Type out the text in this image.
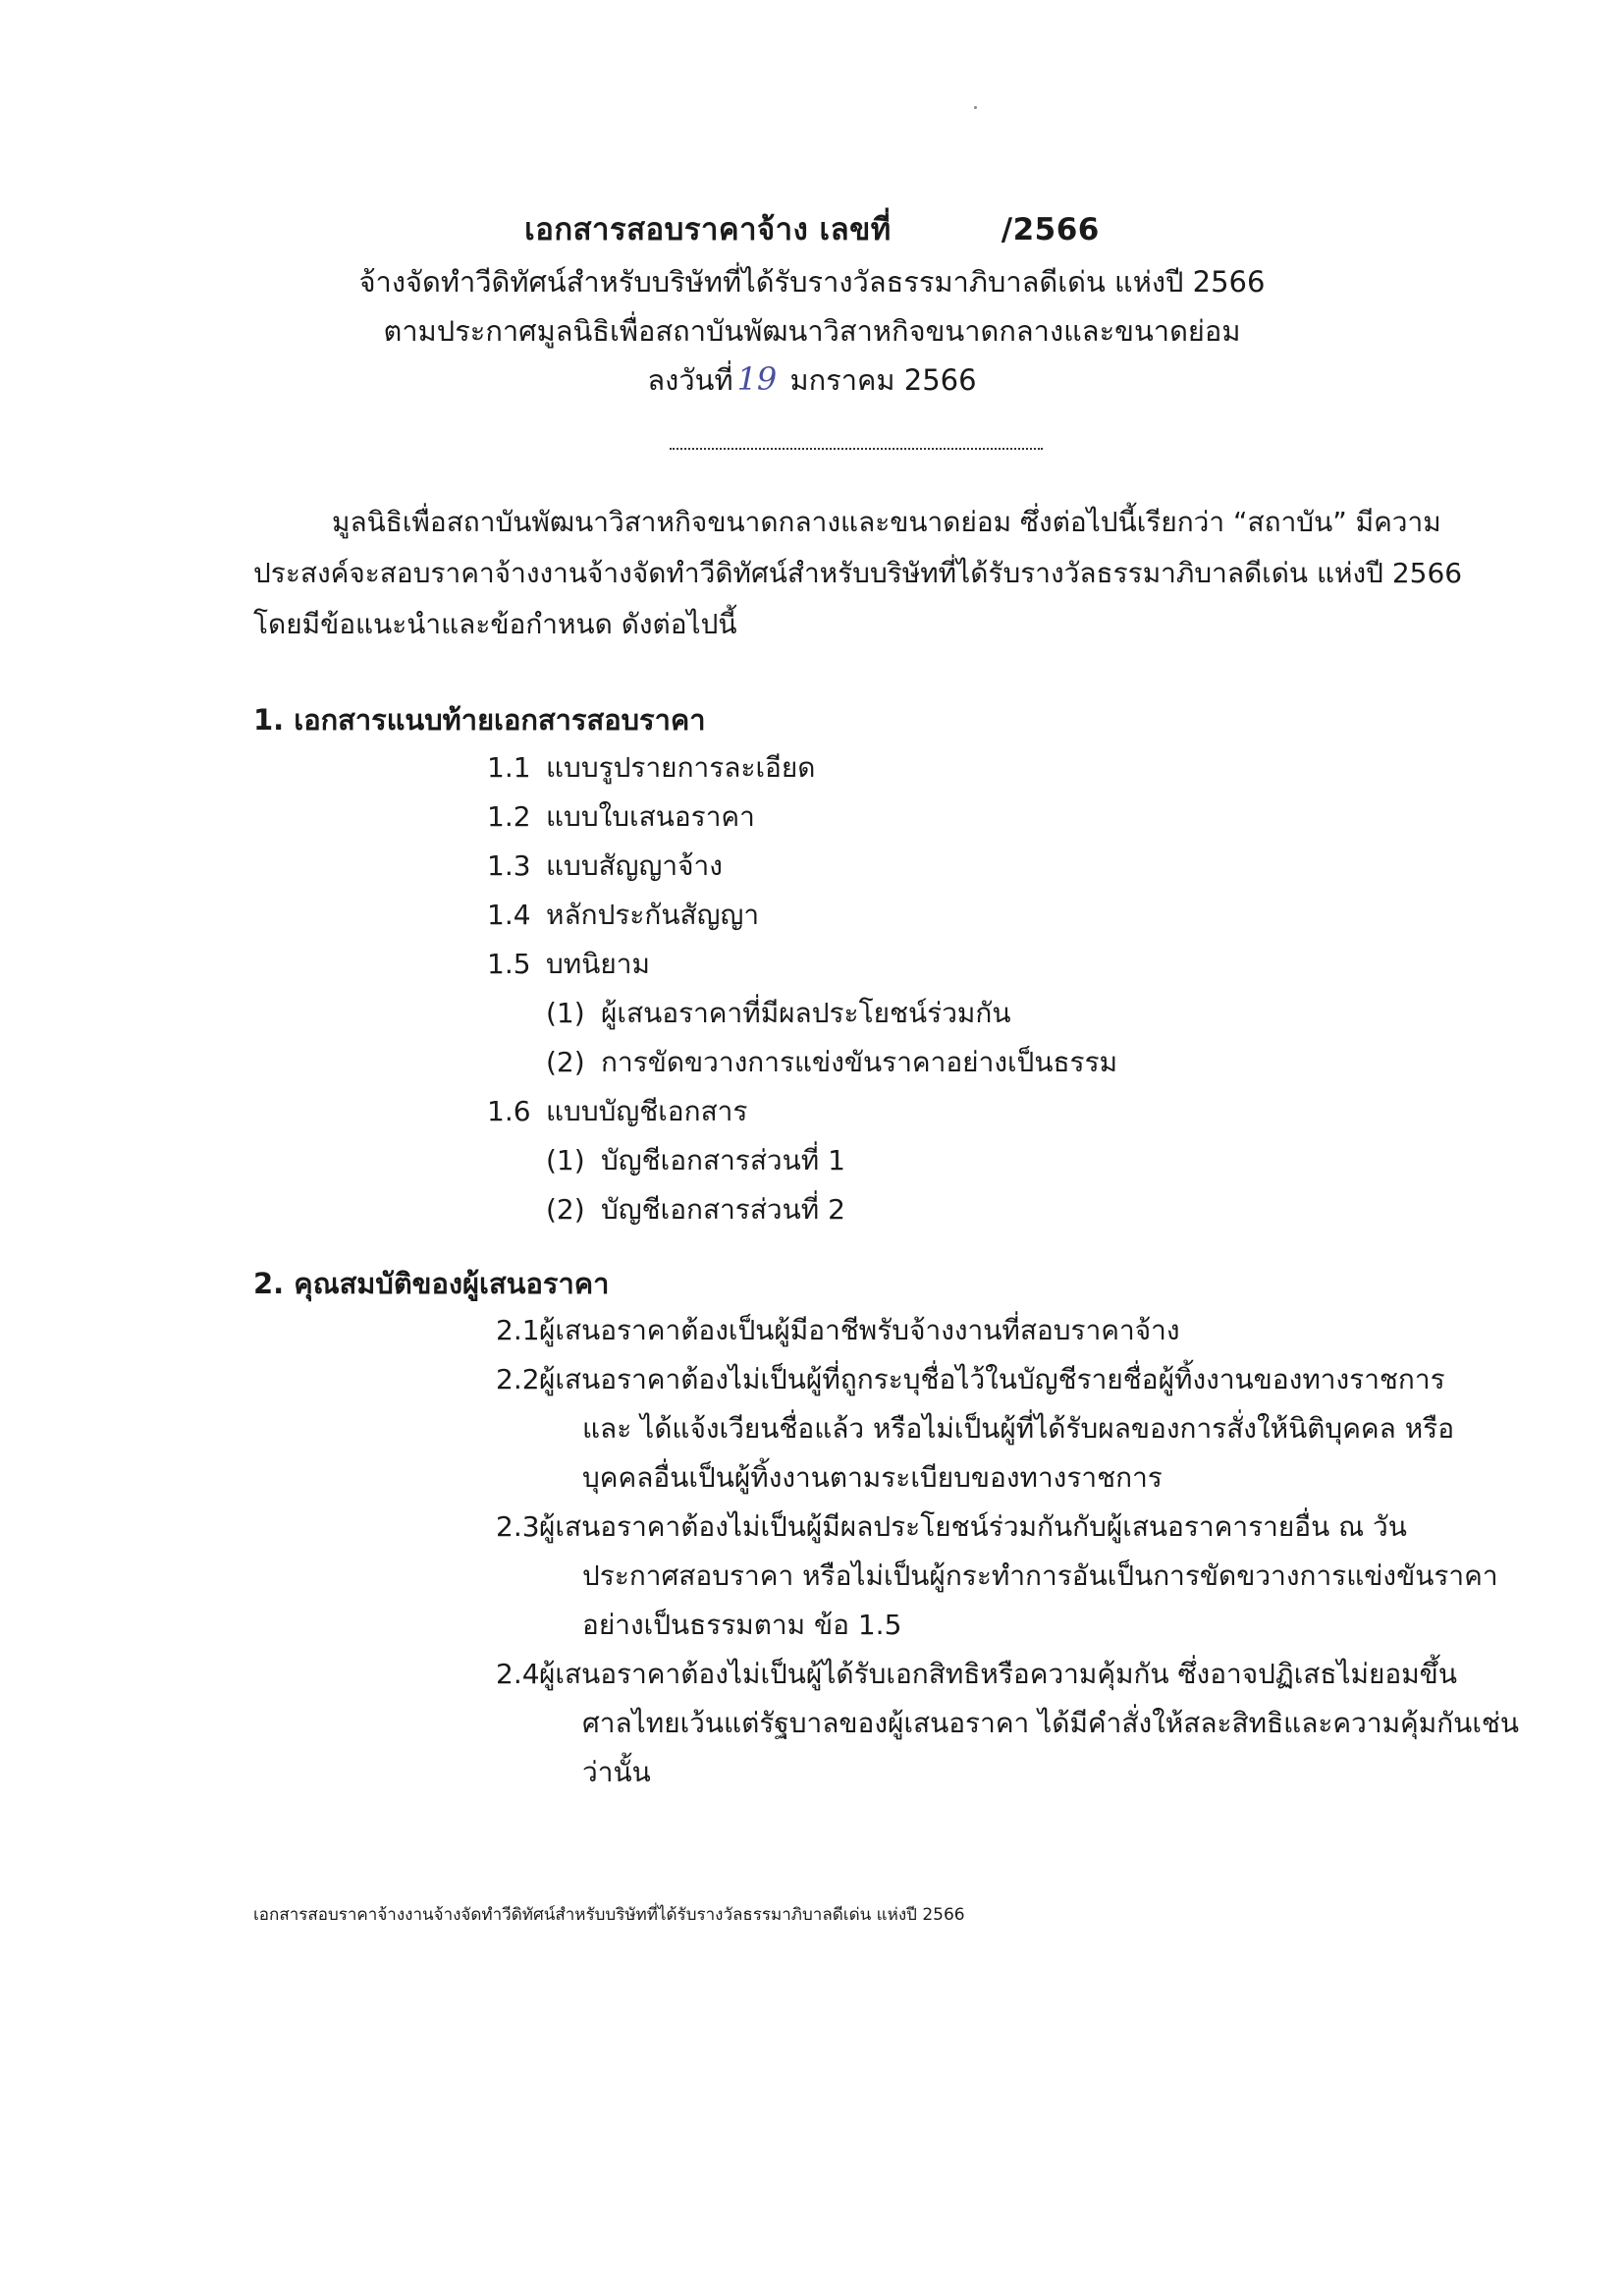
เอกสารสอบราคาจ้าง เลขที่	/2566
จ้างจัดทำวีดิทัศน์สำหรับบริษัทที่ได้รับรางวัลธรรมาภิบาลดีเด่น แห่งปี 2566
ตามประกาศมูลนิธิเพื่อสถาบันพัฒนาวิสาหกิจขนาดกลางและขนาดย่อม
ลงวันที่ 19 มกราคม 2566
มูลนิธิเพื่อสถาบันพัฒนาวิสาหกิจขนาดกลางและขนาดย่อม ซึ่งต่อไปนี้เรียกว่า “สถาบัน” มีความ
ประสงค์จะสอบราคาจ้างงานจ้างจัดทำวีดิทัศน์สำหรับบริษัทที่ได้รับรางวัลธรรมาภิบาลดีเด่น แห่งปี 2566
โดยมีข้อแนะนำและข้อกำหนด ดังต่อไปนี้
1. เอกสารแนบท้ายเอกสารสอบราคา
1.1 แบบรูปรายการละเอียด
1.2 แบบใบเสนอราคา
1.3 แบบสัญญาจ้าง
1.4 หลักประกันสัญญา
1.5 บทนิยาม
(1) ผู้เสนอราคาที่มีผลประโยชน์ร่วมกัน
(2) การขัดขวางการแข่งขันราคาอย่างเป็นธรรม
1.6 แบบบัญชีเอกสาร
(1) บัญชีเอกสารส่วนที่ 1
(2) บัญชีเอกสารส่วนที่ 2
2. คุณสมบัติของผู้เสนอราคา
2.1 ผู้เสนอราคาต้องเป็นผู้มีอาชีพรับจ้างงานที่สอบราคาจ้าง
2.2 ผู้เสนอราคาต้องไม่เป็นผู้ที่ถูกระบุชื่อไว้ในบัญชีรายชื่อผู้ทิ้งงานของทางราชการ
และ ได้แจ้งเวียนชื่อแล้ว หรือไม่เป็นผู้ที่ได้รับผลของการสั่งให้นิติบุคคล หรือ
บุคคลอื่นเป็นผู้ทิ้งงานตามระเบียบของทางราชการ
2.3 ผู้เสนอราคาต้องไม่เป็นผู้มีผลประโยชน์ร่วมกันกับผู้เสนอราคารายอื่น ณ วัน
ประกาศสอบราคา หรือไม่เป็นผู้กระทำการอันเป็นการขัดขวางการแข่งขันราคา
อย่างเป็นธรรมตาม ข้อ 1.5
2.4 ผู้เสนอราคาต้องไม่เป็นผู้ได้รับเอกสิทธิหรือความคุ้มกัน ซึ่งอาจปฏิเสธไม่ยอมขึ้น
ศาลไทยเว้นแต่รัฐบาลของผู้เสนอราคา ได้มีคำสั่งให้สละสิทธิและความคุ้มกันเช่น
ว่านั้น
เอกสารสอบราคาจ้างงานจ้างจัดทำวีดิทัศน์สำหรับบริษัทที่ได้รับรางวัลธรรมาภิบาลดีเด่น แห่งปี 2566
